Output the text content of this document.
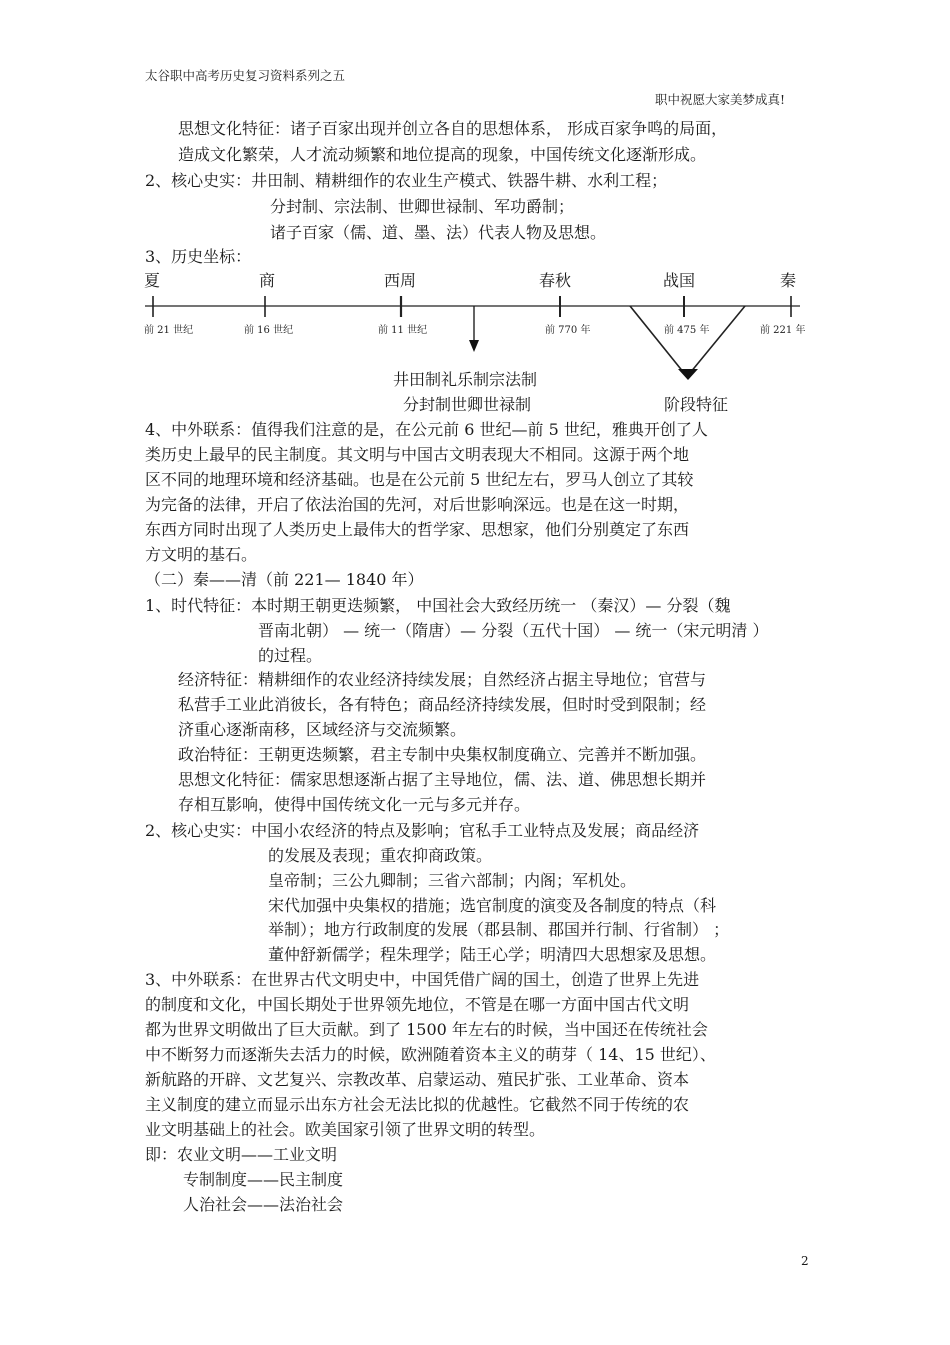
太谷职中高考历史复习资料系列之五
职中祝愿大家美梦成真!
思想文化特征：诸子百家出现并创立各自的思想体系， 形成百家争鸣的局面，
造成文化繁荣，人才流动频繁和地位提高的现象，中国传统文化逐渐形成。
2、核心史实：井田制、精耕细作的农业生产模式、铁器牛耕、水利工程；
分封制、宗法制、世卿世禄制、军功爵制；
诸子百家（儒、道、墨、法）代表人物及思想。
3、历史坐标：
夏	商	西周	春秋	战国	秦
前 21 世纪	前 16 世纪	前 11 世纪	前 770 年	前 475 年	前 221 年
井田制礼乐制宗法制
分封制世卿世禄制	阶段特征
4、中外联系：值得我们注意的是，在公元前 6 世纪—前 5 世纪，雅典开创了人
类历史上最早的民主制度。其文明与中国古文明表现大不相同。这源于两个地
区不同的地理环境和经济基础。也是在公元前 5 世纪左右，罗马人创立了其较
为完备的法律，开启了依法治国的先河，对后世影响深远。也是在这一时期，
东西方同时出现了人类历史上最伟大的哲学家、思想家，他们分别奠定了东西
方文明的基石。
（二）秦——清（前 221— 1840 年）
1、时代特征：本时期王朝更迭频繁， 中国社会大致经历统一 （秦汉）— 分裂（魏
晋南北朝） — 统一（隋唐）— 分裂（五代十国） — 统一（宋元明清 ）
的过程。
经济特征：精耕细作的农业经济持续发展；自然经济占据主导地位；官营与
私营手工业此消彼长，各有特色；商品经济持续发展，但时时受到限制；经
济重心逐渐南移，区域经济与交流频繁。
政治特征：王朝更迭频繁，君主专制中央集权制度确立、完善并不断加强。
思想文化特征：儒家思想逐渐占据了主导地位，儒、法、道、佛思想长期并
存相互影响，使得中国传统文化一元与多元并存。
2、核心史实：中国小农经济的特点及影响；官私手工业特点及发展；商品经济
的发展及表现；重农抑商政策。
皇帝制；三公九卿制；三省六部制；内阁；军机处。
宋代加强中央集权的措施；选官制度的演变及各制度的特点（科
举制）；地方行政制度的发展（郡县制、郡国并行制、行省制） ；
董仲舒新儒学；程朱理学；陆王心学；明清四大思想家及思想。
3、中外联系：在世界古代文明史中，中国凭借广阔的国土，创造了世界上先进
的制度和文化，中国长期处于世界领先地位，不管是在哪一方面中国古代文明
都为世界文明做出了巨大贡献。到了 1500 年左右的时候，当中国还在传统社会
中不断努力而逐渐失去活力的时候，欧洲随着资本主义的萌芽（ 14、15 世纪）、
新航路的开辟、文艺复兴、宗教改革、启蒙运动、殖民扩张、工业革命、资本
主义制度的建立而显示出东方社会无法比拟的优越性。它截然不同于传统的农
业文明基础上的社会。欧美国家引领了世界文明的转型。
即：农业文明——工业文明
专制制度——民主制度
人治社会——法治社会
2
